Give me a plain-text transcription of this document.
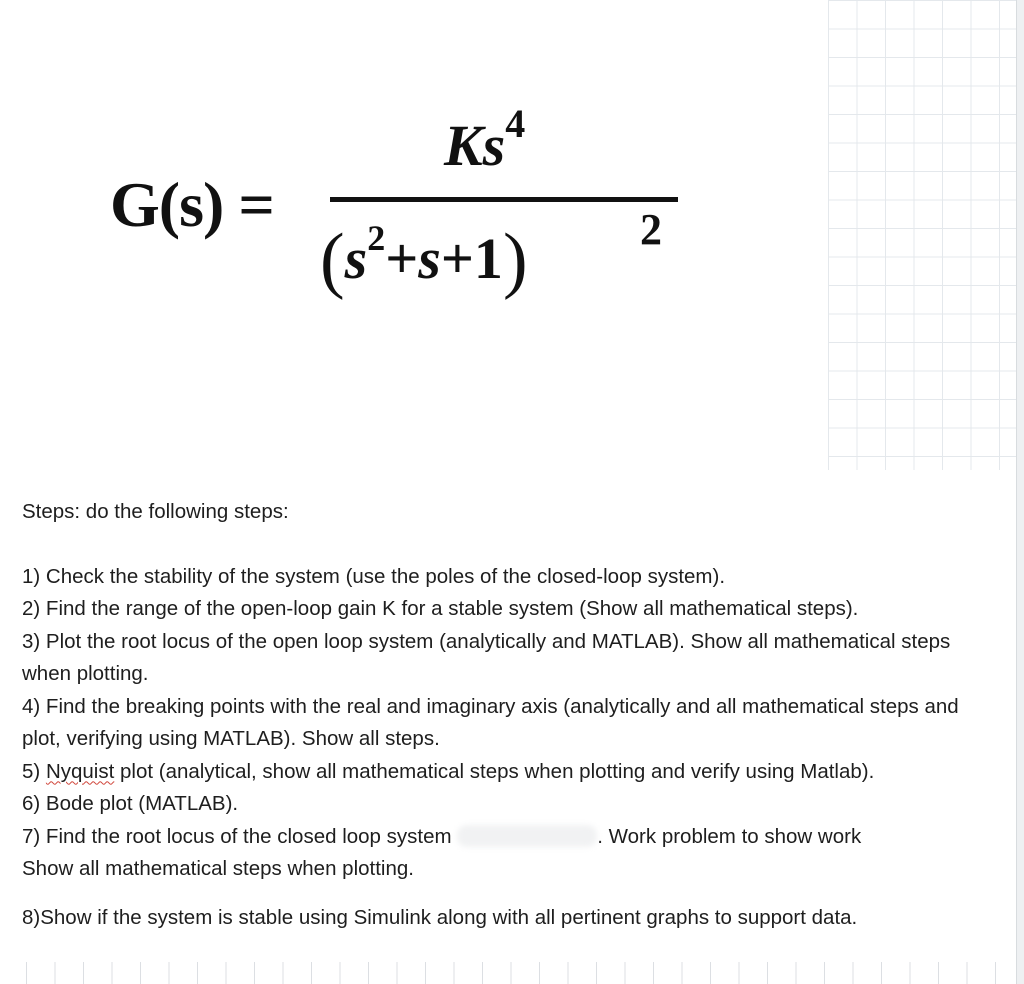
G(s) =
$Ks^4$
$(s^2+s+1)$	2

Steps: do the following steps:

1) Check the stability of the system (use the poles of the closed-loop system).

2) Find the range of the open-loop gain K for a stable system (Show all mathematical steps).

3) Plot the root locus of the open loop system (analytically and MATLAB). Show all mathematical steps when plotting.

4) Find the breaking points with the real and imaginary axis (analytically and all mathematical steps and plot, verifying using MATLAB). Show all steps.

5) Nyquist plot (analytical, show all mathematical steps when plotting and verify using Matlab).

6) Bode plot (MATLAB).

7) Find the root locus of the closed loop system	. Work problem to show work

Show all mathematical steps when plotting.

8)Show if the system is stable using Simulink along with all pertinent graphs to support data.
